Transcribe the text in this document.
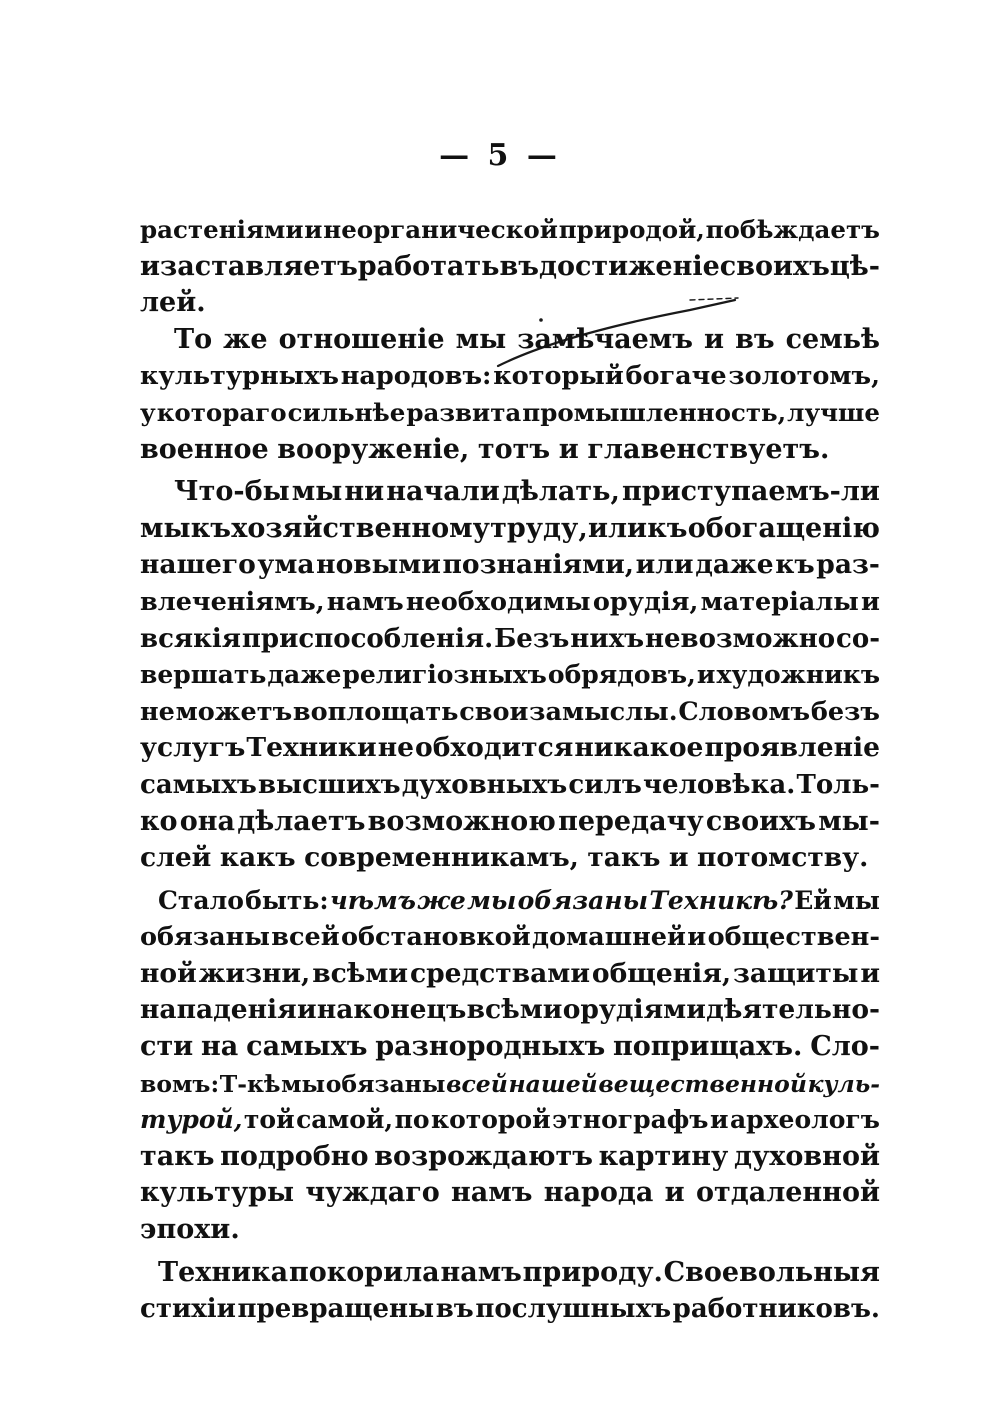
— 5 —
растеніями и неорганической природой, побѣждаетъ
и заставляетъ работать въ достиженіе своихъ цѣ-
лей.
То же отношеніе мы замѣчаемъ и въ семьѣ
культурныхъ народовъ: который богаче золотомъ,
у котораго сильнѣе развита промышленность, лучше
военное вооруженіе, тотъ и главенствуетъ.
Что-бы мы ни начали дѣлать, приступаемъ-ли
мы къ хозяйственному труду, или къ обогащенію
нашего ума новыми познаніями, или даже къ раз-
влеченіямъ, намъ необходимы орудія, матеріалы и
всякія приспособленія. Безъ нихъ невозможно со-
вершать даже религіозныхъ обрядовъ, и художникъ
не можетъ воплощать свои замыслы. Словомъ безъ
услугъ Техники не обходится никакое проявленіе
самыхъ высшихъ духовныхъ силъ человѣка. Толь-
ко она дѣлаетъ возможною передачу своихъ мы-
слей какъ современникамъ, такъ и потомству.
Стало быть: чѣмъ же мы обязаны Техникѣ? Ей мы
обязаны всей обстановкой домашней и обществен-
ной жизни, всѣми средствами общенія, защиты и
нападенія и наконецъ всѣми орудіями дѣятельно-
сти на самыхъ разнородныхъ поприщахъ. Сло-
вомъ: Т-кѣ мы обязаны всей нашей вещественной куль-
турой, той самой, по которой этнографъ и археологъ
такъ подробно возрождаютъ картину духовной
культуры чуждаго намъ народа и отдаленной
эпохи.
Техника покорила намъ природу. Своевольныя
стихіи превращены въ послушныхъ работниковъ.
